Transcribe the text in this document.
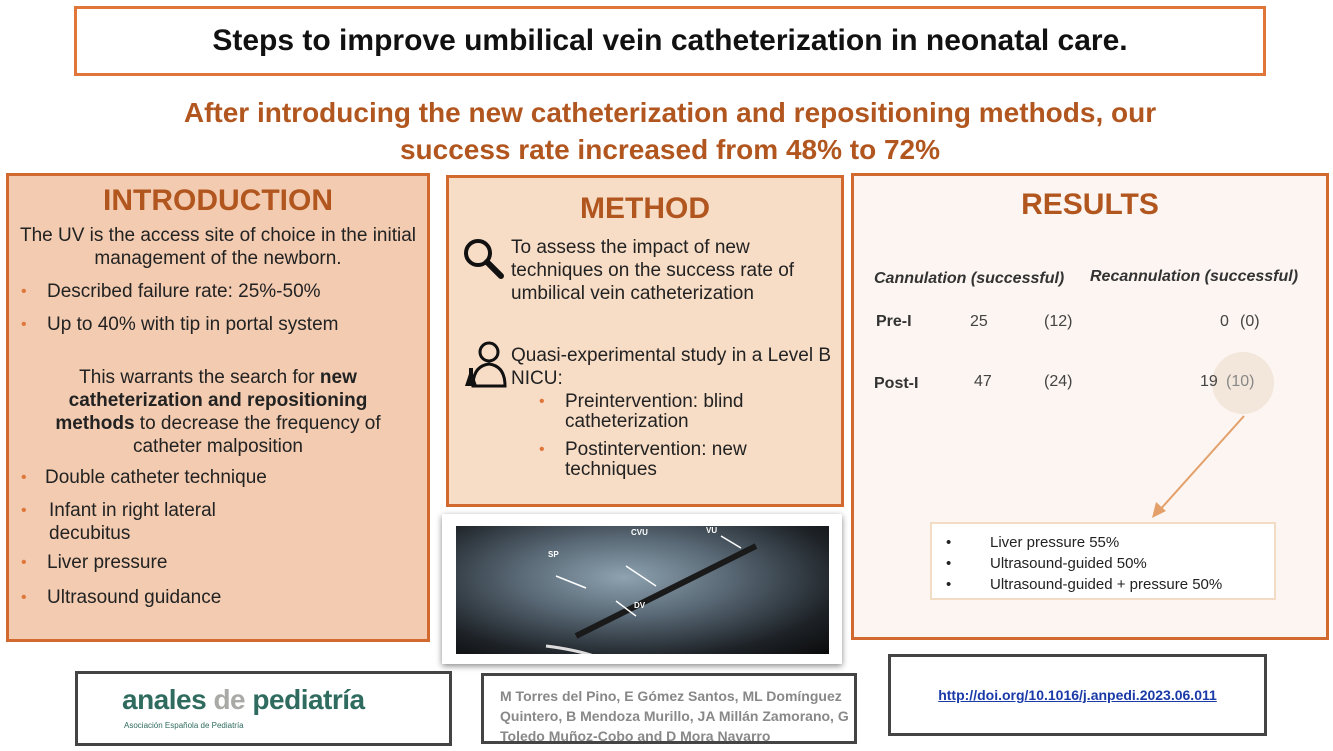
Steps to improve umbilical vein catheterization in neonatal care.
After introducing the new catheterization and repositioning methods, our
success rate increased from 48% to 72%
INTRODUCTION
The UV is the access site of choice in the initial management of the newborn.
• Described failure rate: 25%-50%
• Up to 40% with tip in portal system
This warrants the search for new catheterization and repositioning methods to decrease the frequency of catheter malposition
• Double catheter technique
• Infant in right lateral decubitus
• Liver pressure
• Ultrasound guidance
METHOD
To assess the impact of new techniques on the success rate of umbilical vein catheterization
Quasi-experimental study in a Level B NICU:
• Preintervention: blind catheterization
• Postintervention: new techniques
CVU	VU
SP
DV
RESULTS
Cannulation (successful) Recannulation (successful)
Pre-I	25	(12)	0 (0)
Post-I	47	(24)	19 (10)
• Liver pressure 55%
• Ultrasound-guided 50%
• Ultrasound-guided + pressure 50%
anales de pediatría
Asociación Española de Pediatría
M Torres del Pino, E Gómez Santos, ML Domínguez Quintero, B Mendoza Murillo, JA Millán Zamorano, G Toledo Muñoz-Cobo and D Mora Navarro
http://doi.org/10.1016/j.anpedi.2023.06.011
